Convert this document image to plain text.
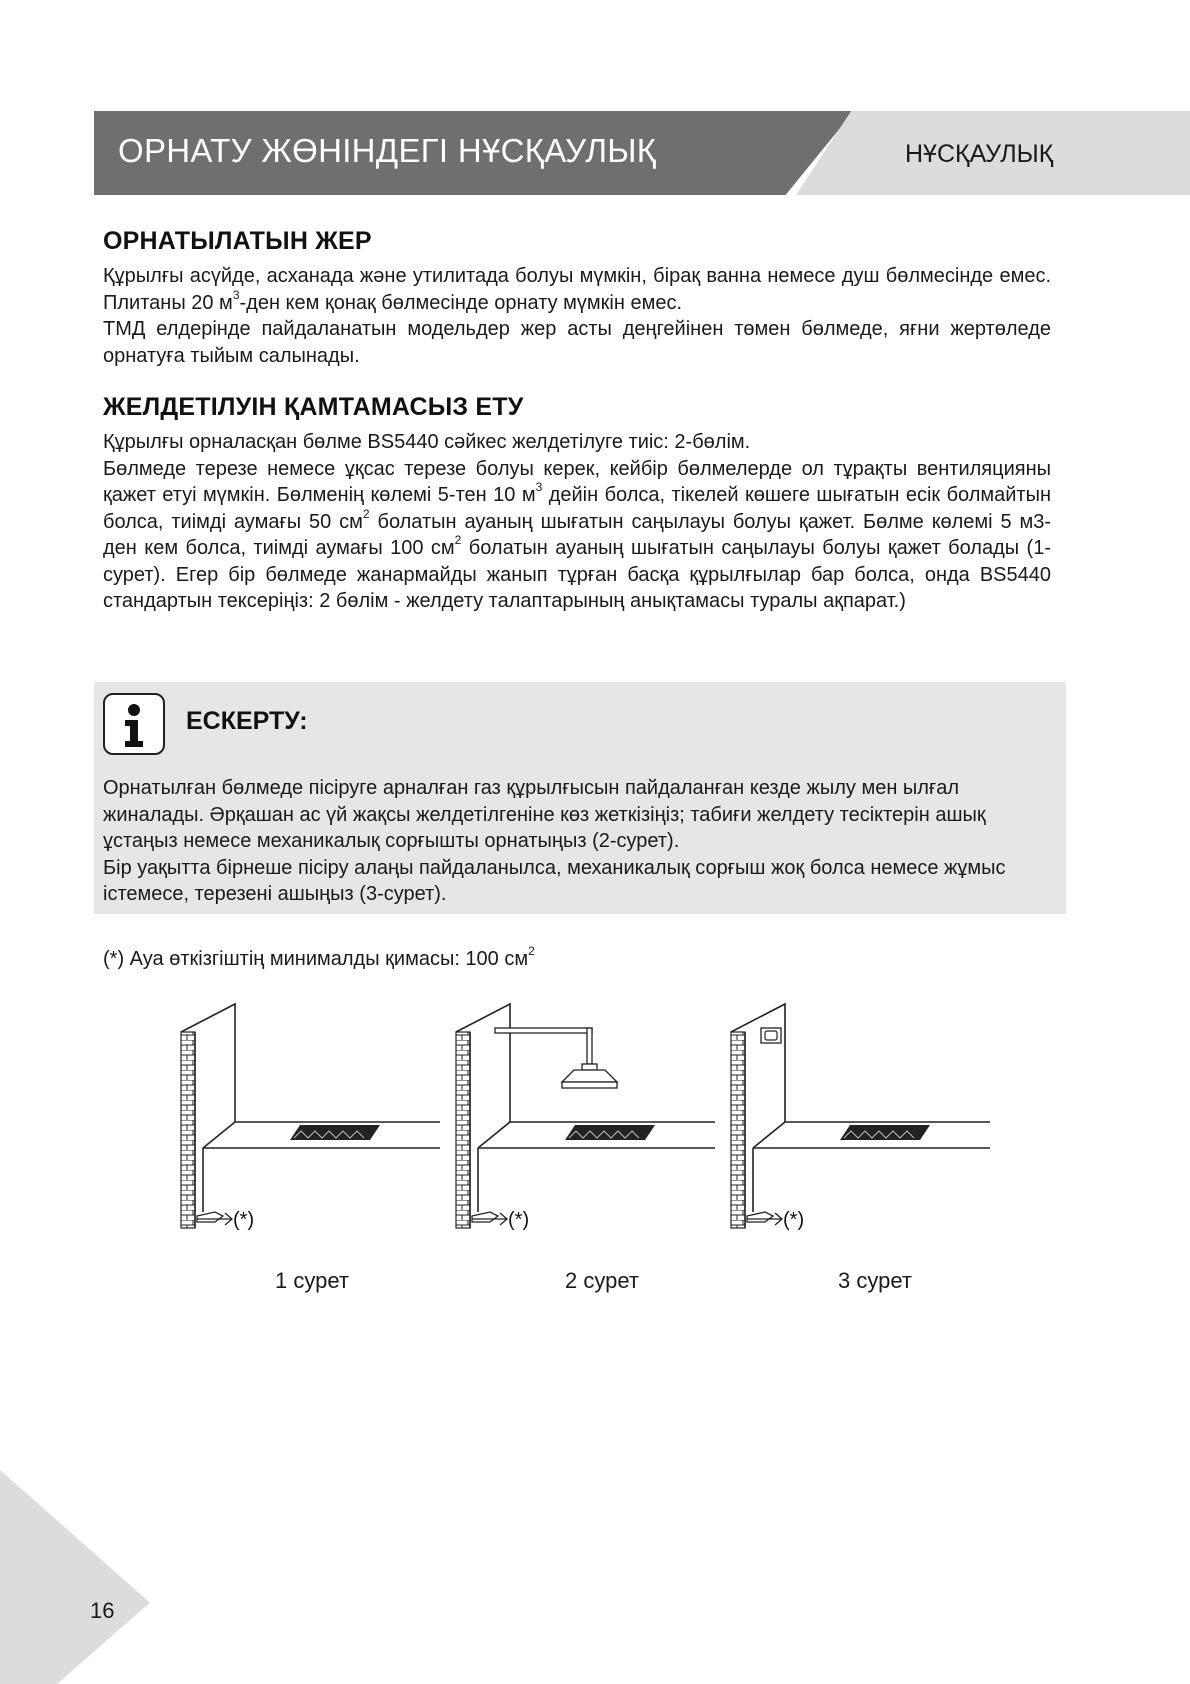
ОРНАТУ ЖӨНІНДЕГІ НҰСҚАУЛЫҚ	НҰСҚАУЛЫҚ
ОРНАТЫЛАТЫН ЖЕР

Құрылғы асүйде, асханада және утилитада болуы мүмкін, бірақ ванна немесе душ бөлмесінде емес. Плитаны 20 $м^3$-ден кем қонақ бөлмесінде орнату мүмкін емес.

ТМД елдерінде пайдаланатын модельдер жер асты деңгейінен төмен бөлмеде, яғни жертөледе орнатуға тыйым салынады.

ЖЕЛДЕТІЛУІН ҚАМТАМАСЫЗ ЕТУ

Құрылғы орналасқан бөлме BS5440 сәйкес желдетілуге тиіс: 2-бөлім.

Бөлмеде терезе немесе ұқсас терезе болуы керек, кейбір бөлмелерде ол тұрақты вентиляцияны қажет етуі мүмкін. Бөлменің көлемі 5-тен 10 $м^3$ дейін болса, тікелей көшеге шығатын есік болмайтын болса, тиімді аумағы 50 $см^2$ болатын ауаның шығатын саңылауы болуы қажет. Бөлме көлемі 5 м3-ден кем болса, тиімді аумағы 100 $см^2$ болатын ауаның шығатын саңылауы болуы қажет болады (1-сурет). Егер бір бөлмеде жанармайды жанып тұрған басқа құрылғылар бар болса, онда BS5440 стандартын тексеріңіз: 2 бөлім - желдету талаптарының анықтамасы туралы ақпарат.)

ЕСКЕРТУ:

Орнатылған бөлмеде пісіруге арналған газ құрылғысын пайдаланған кезде жылу мен ылғал жиналады. Әрқашан ас үй жақсы желдетілгеніне көз жеткізіңіз; табиғи желдету тесіктерін ашық ұстаңыз немесе механикалық сорғышты орнатыңыз (2-сурет).

Бір уақытта бірнеше пісіру алаңы пайдаланылса, механикалық сорғыш жоқ болса немесе жұмыс істемесе, терезені ашыңыз (3-сурет).

(*) Ауа өткізгіштің минималды қимасы: 100 $см^2$
(*)
1 сурет
(*)
2 сурет
(*)
3 сурет
16
